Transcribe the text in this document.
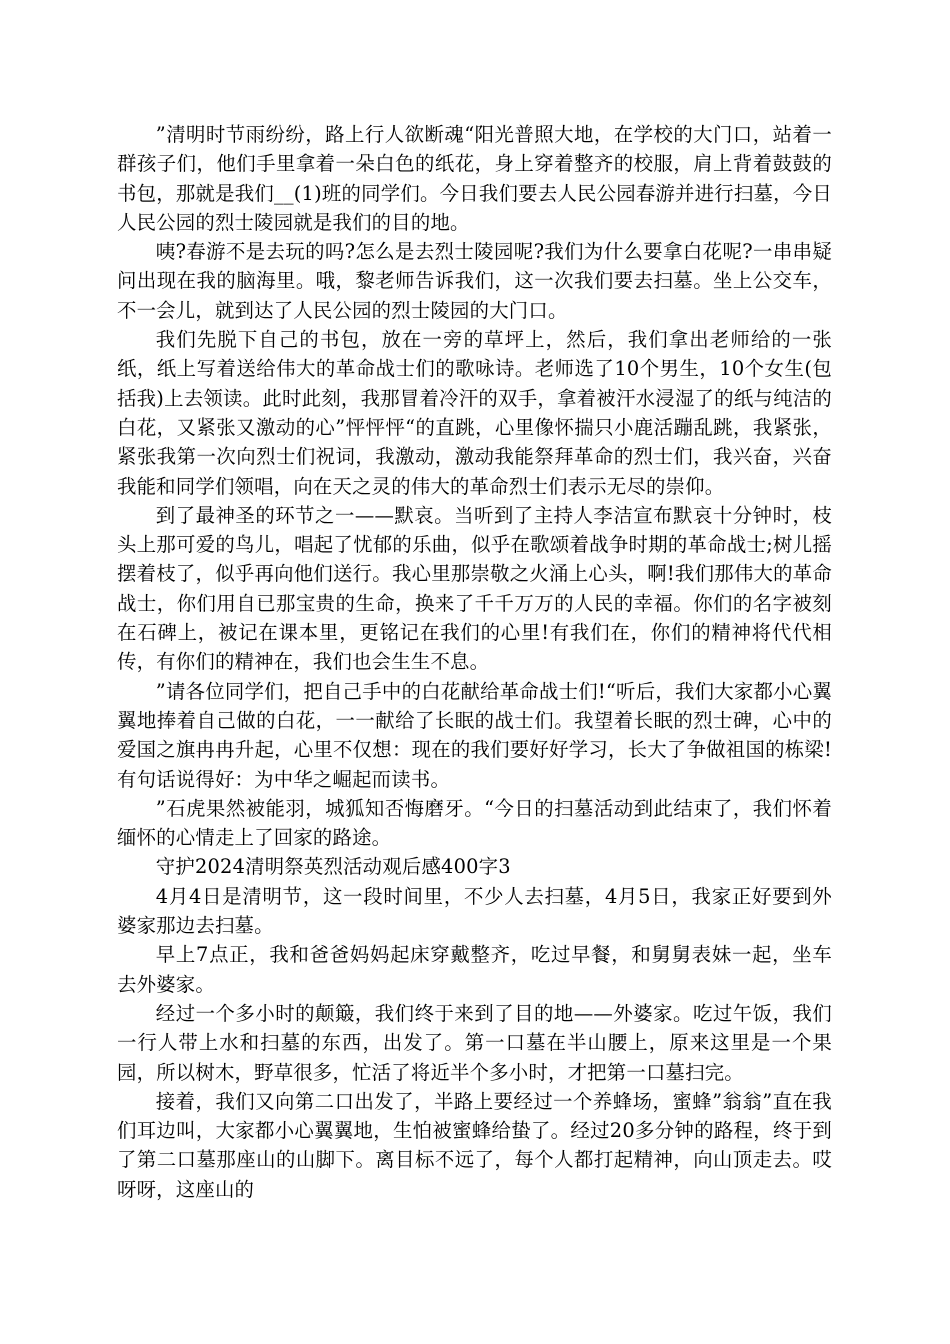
”清明时节雨纷纷，路上行人欲断魂“阳光普照大地，在学校的大门口，站着一群孩子们，他们手里拿着一朵白色的纸花，身上穿着整齐的校服，肩上背着鼓鼓的书包，那就是我们__(1)班的同学们。今日我们要去人民公园春游并进行扫墓，今日人民公园的烈士陵园就是我们的目的地。

咦?春游不是去玩的吗?怎么是去烈士陵园呢?我们为什么要拿白花呢?一串串疑问出现在我的脑海里。哦，黎老师告诉我们，这一次我们要去扫墓。坐上公交车，不一会儿，就到达了人民公园的烈士陵园的大门口。

我们先脱下自己的书包，放在一旁的草坪上，然后，我们拿出老师给的一张纸，纸上写着送给伟大的革命战士们的歌咏诗。老师选了10个男生，10个女生(包括我)上去领读。此时此刻，我那冒着冷汗的双手，拿着被汗水浸湿了的纸与纯洁的白花，又紧张又激动的心”怦怦怦“的直跳，心里像怀揣只小鹿活蹦乱跳，我紧张，紧张我第一次向烈士们祝词，我激动，激动我能祭拜革命的烈士们，我兴奋，兴奋我能和同学们领唱，向在天之灵的伟大的革命烈士们表示无尽的崇仰。

到了最神圣的环节之一——默哀。当听到了主持人李洁宣布默哀十分钟时，枝头上那可爱的鸟儿，唱起了忧郁的乐曲，似乎在歌颂着战争时期的革命战士;树儿摇摆着枝了，似乎再向他们送行。我心里那崇敬之火涌上心头，啊!我们那伟大的革命战士，你们用自已那宝贵的生命，换来了千千万万的人民的幸福。你们的名字被刻在石碑上，被记在课本里，更铭记在我们的心里!有我们在，你们的精神将代代相传，有你们的精神在，我们也会生生不息。

”请各位同学们，把自己手中的白花献给革命战士们!“听后，我们大家都小心翼翼地捧着自己做的白花，一一献给了长眠的战士们。我望着长眠的烈士碑，心中的爱国之旗冉冉升起，心里不仅想：现在的我们要好好学习，长大了争做祖国的栋梁!有句话说得好：为中华之崛起而读书。

”石虎果然被能羽，城狐知否悔磨牙。“今日的扫墓活动到此结束了，我们怀着缅怀的心情走上了回家的路途。

守护2024清明祭英烈活动观后感400字3

4月4日是清明节，这一段时间里，不少人去扫墓，4月5日，我家正好要到外婆家那边去扫墓。

早上7点正，我和爸爸妈妈起床穿戴整齐，吃过早餐，和舅舅表妹一起，坐车去外婆家。

经过一个多小时的颠簸，我们终于来到了目的地——外婆家。吃过午饭，我们一行人带上水和扫墓的东西，出发了。第一口墓在半山腰上，原来这里是一个果园，所以树木，野草很多，忙活了将近半个多小时，才把第一口墓扫完。

接着，我们又向第二口出发了，半路上要经过一个养蜂场，蜜蜂”翁翁”直在我们耳边叫，大家都小心翼翼地，生怕被蜜蜂给蛰了。经过20多分钟的路程，终于到了第二口墓那座山的山脚下。离目标不远了，每个人都打起精神，向山顶走去。哎呀呀，这座山的
